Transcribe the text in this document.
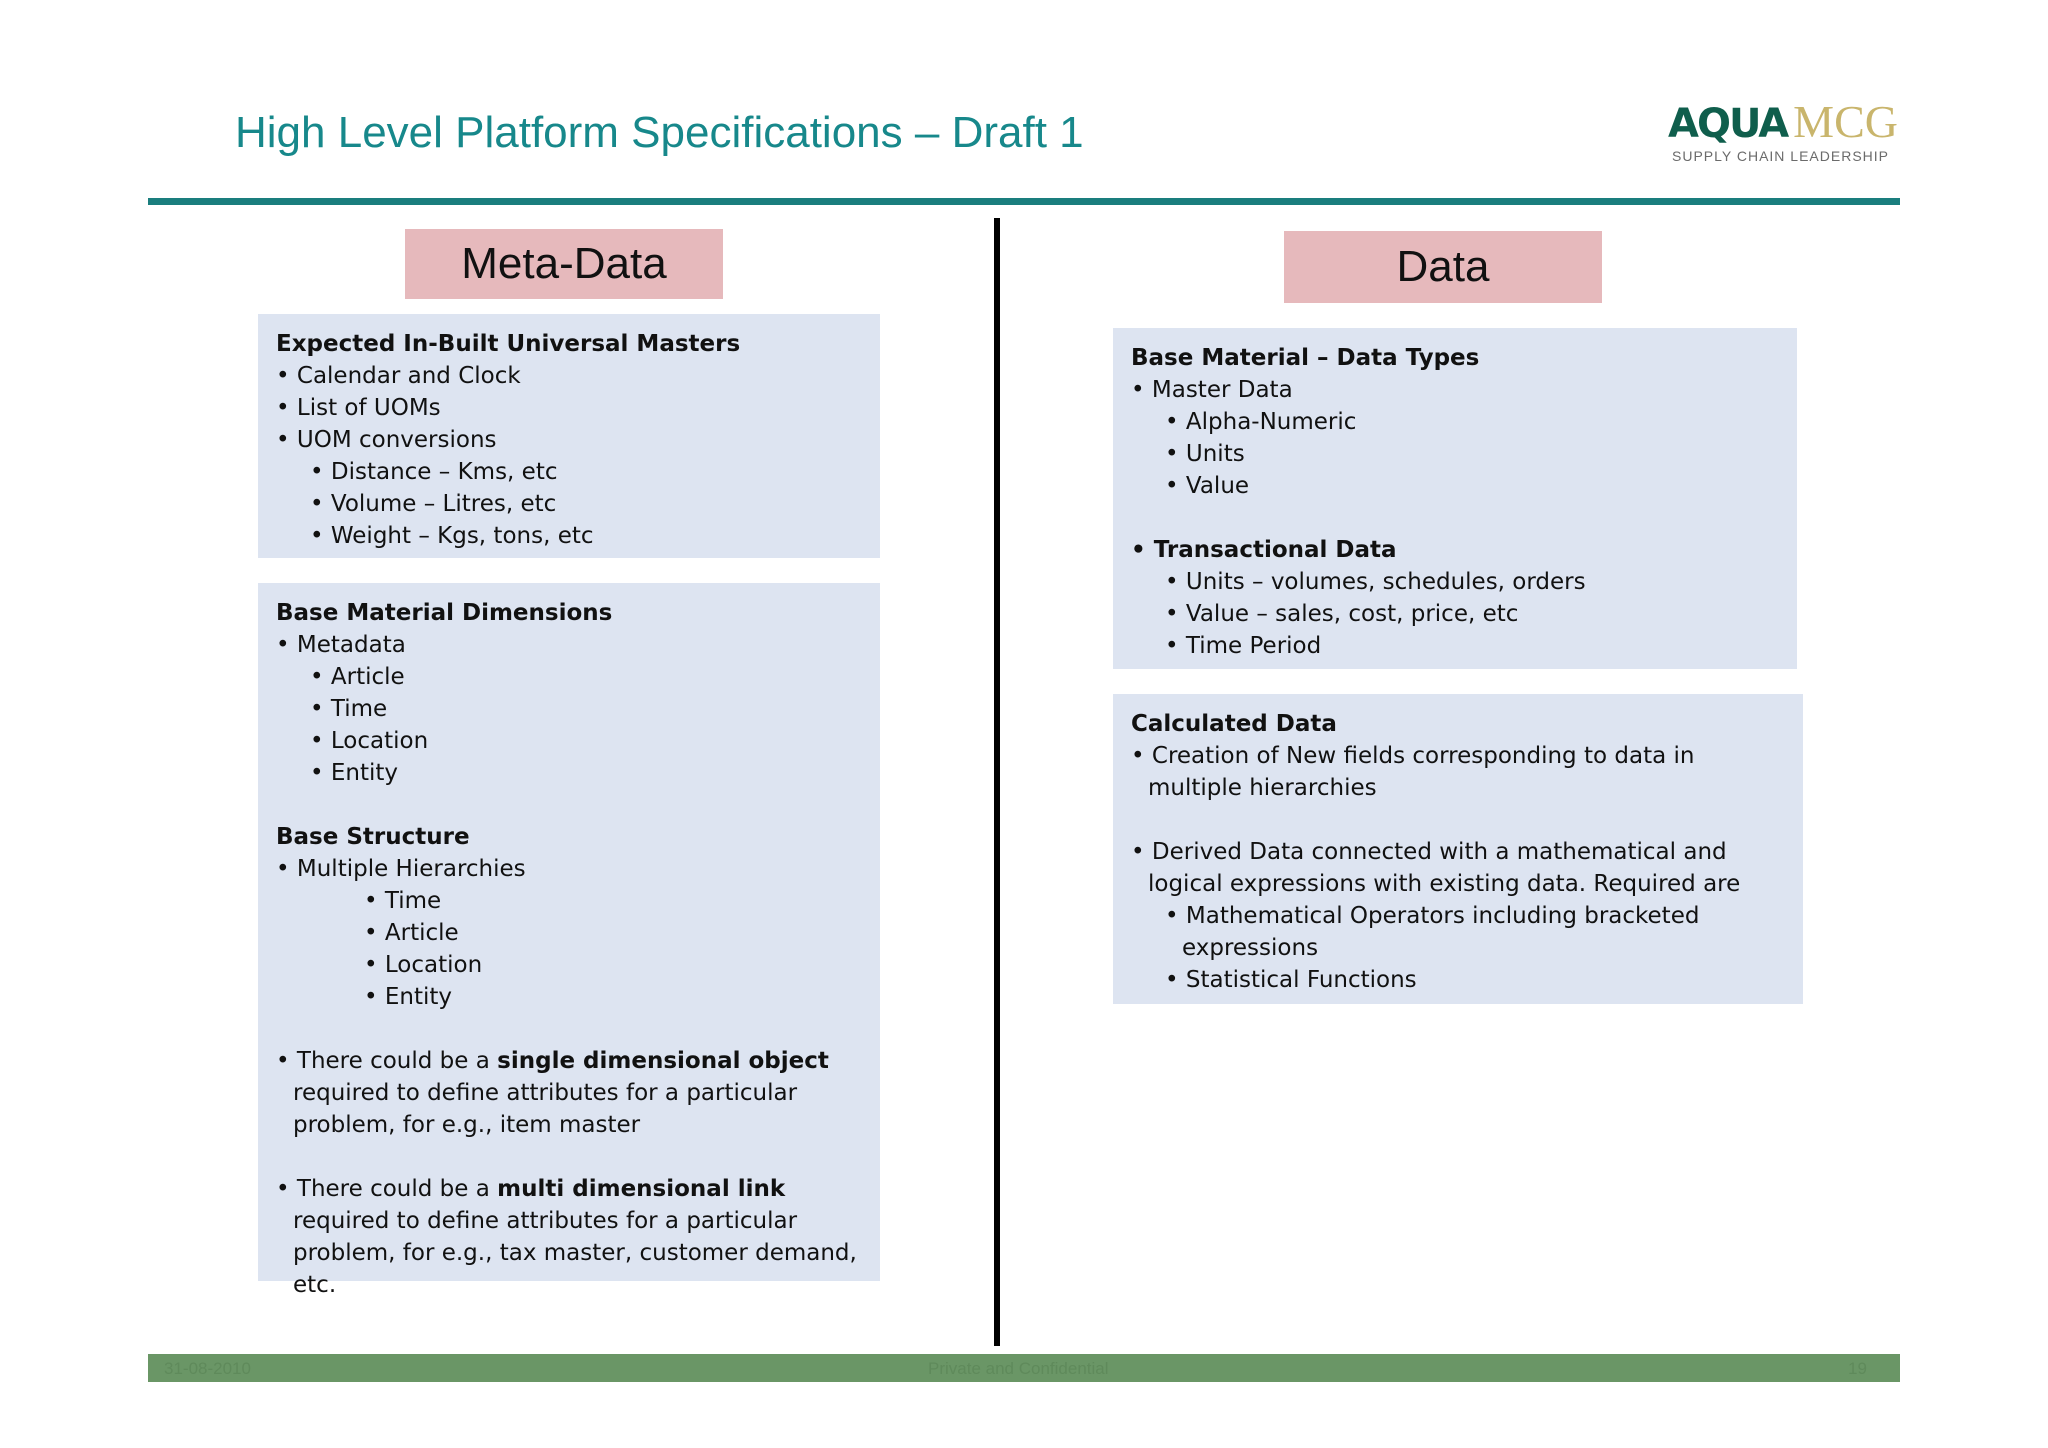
High Level Platform Specifications – Draft 1	AQUA MCG
SUPPLY CHAIN LEADERSHIP
Meta-Data
Expected In-Built Universal Masters
• Calendar and Clock
• List of UOMs
• UOM conversions
• Distance – Kms, etc
• Volume – Litres, etc
• Weight – Kgs, tons, etc
Base Material Dimensions
• Metadata
• Article
• Time
• Location
• Entity
Base Structure
• Multiple Hierarchies
• Time
• Article
• Location
• Entity
• There could be a single dimensional object required to define attributes for a particular problem, for e.g., item master
• There could be a multi dimensional link required to define attributes for a particular problem, for e.g., tax master, customer demand, etc.
Data
Base Material – Data Types
• Master Data
• Alpha-Numeric
• Units
• Value
• Transactional Data
• Units – volumes, schedules, orders
• Value – sales, cost, price, etc
• Time Period
Calculated Data
• Creation of New fields corresponding to data in multiple hierarchies
• Derived Data connected with a mathematical and logical expressions with existing data. Required are
• Mathematical Operators including bracketed expressions
• Statistical Functions
31-08-2010	Private and Confidential	19
